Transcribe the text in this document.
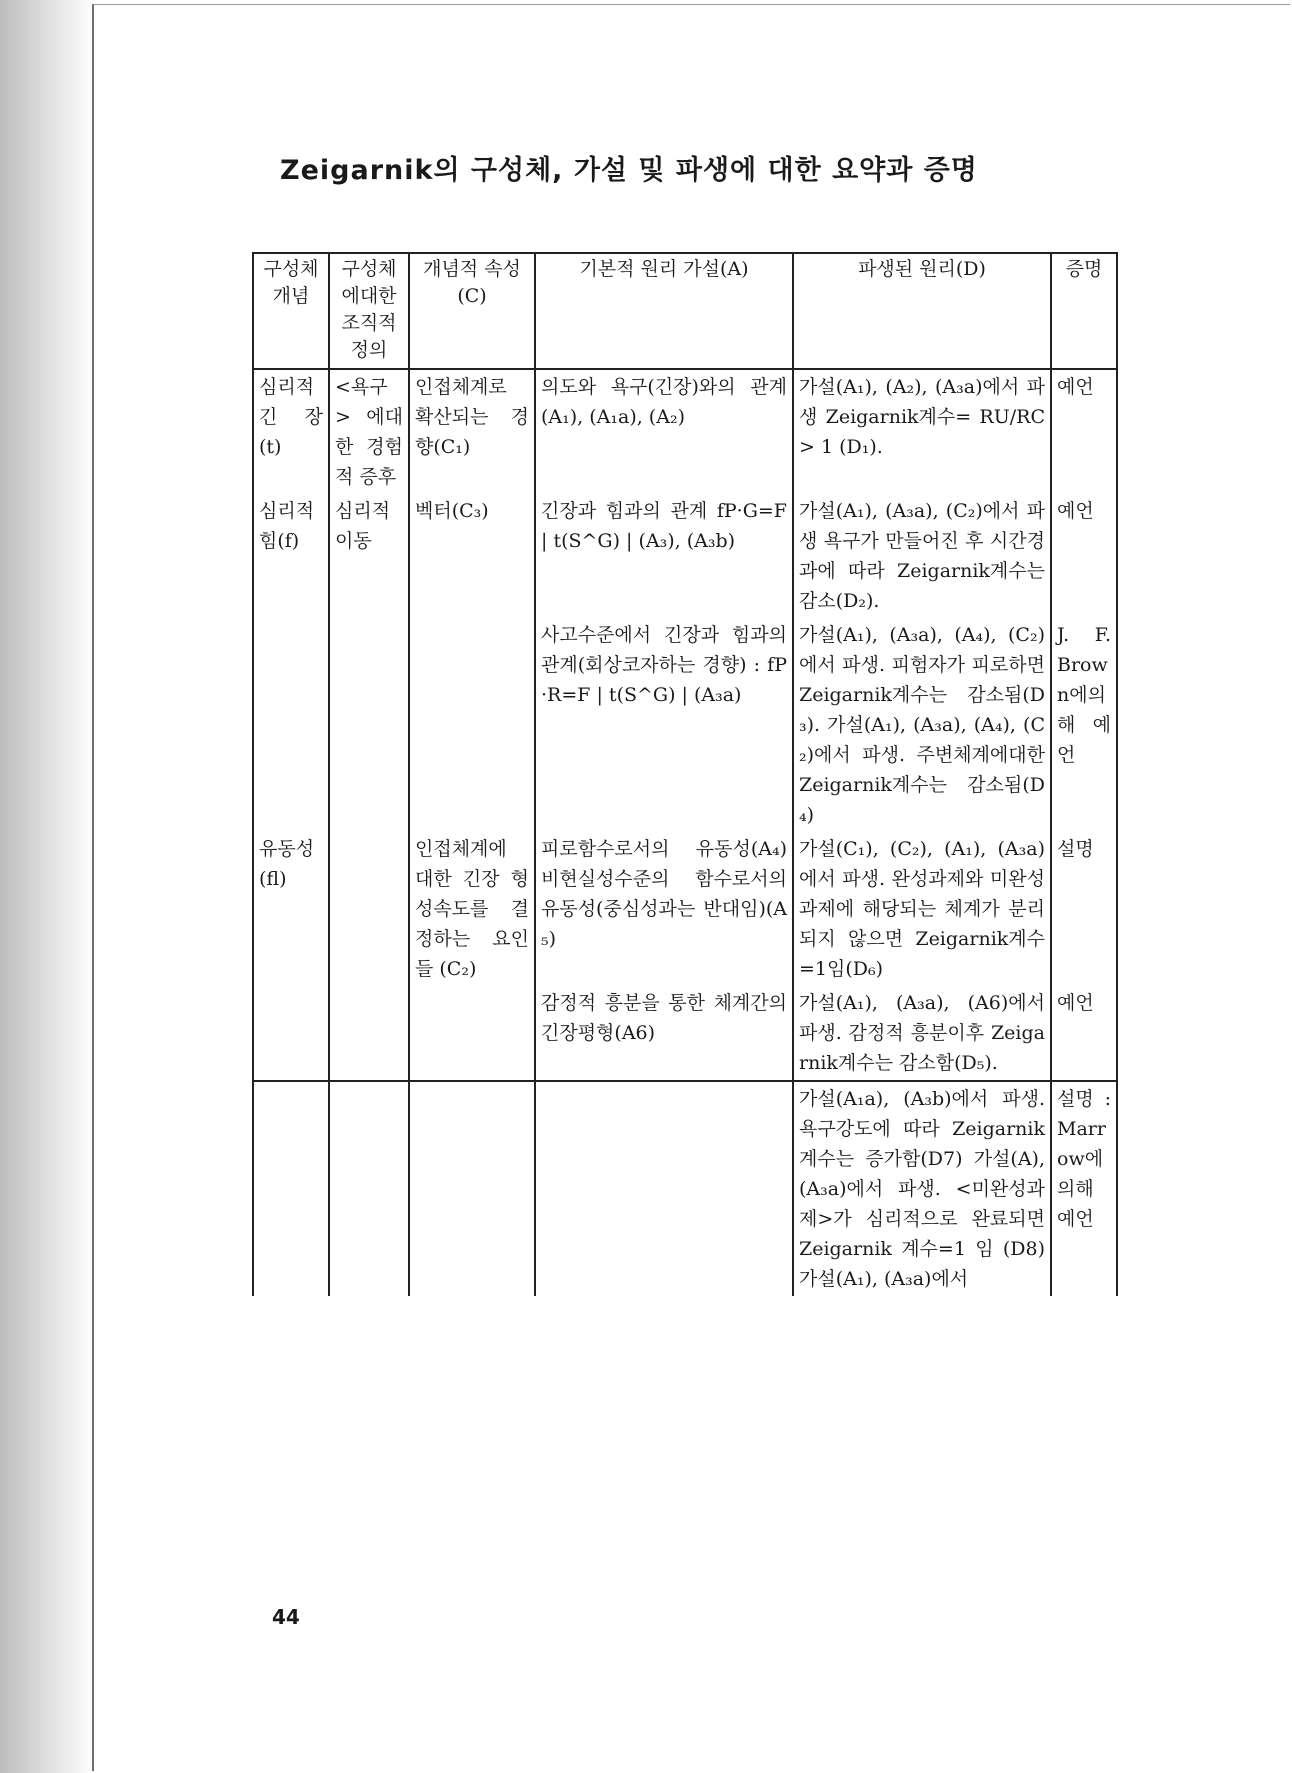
Zeigarnik의 구성체, 가설 및 파생에 대한 요약과 증명
구성체 개념	구성체 에대한 조직적 정의	개념적 속성(C)	기본적 원리 가설(A)	파생된 원리(D)	증명
심리적 긴 장 (t)	<욕구> 에대한 경험적 증후	인접체계로 확산되는 경향(C₁)	의도와 욕구(긴장)와의 관계(A₁), (A₁a), (A₂)	가설(A₁), (A₂), (A₃a)에서 파생 Zeigarnik계수= RU/RC > 1 (D₁).	예언
심리적 힘(f)	심리적 이동	벡터(C₃)	긴장과 힘과의 관계 fP·G=F | t(S^G) | (A₃), (A₃b)	가설(A₁), (A₃a), (C₂)에서 파생 욕구가 만들어진 후 시간경과에 따라 Zeigarnik계수는 감소(D₂).	예언
			사고수준에서 긴장과 힘과의 관계(회상코자하는 경향) : fP·R=F | t(S^G) | (A₃a)	가설(A₁), (A₃a), (A₄), (C₂)에서 파생. 피험자가 피로하면 Zeigarnik계수는 감소됨(D₃). 가설(A₁), (A₃a), (A₄), (C₂)에서 파생. 주변체계에대한Zeigarnik계수는 감소됨(D₄)	J. F. Brown에의해 예언
유동성 (fl)		인접체계에 대한 긴장 형성속도를 결정하는 요인들 (C₂)	피로함수로서의 유동성(A₄) 비현실성수준의 함수로서의 유동성(중심성과는 반대임)(A₅)	가설(C₁), (C₂), (A₁), (A₃a)에서 파생. 완성과제와 미완성과제에 해당되는 체계가 분리되지 않으면 Zeigarnik계수=1임(D₆)	설명
			감정적 흥분을 통한 체계간의 긴장평형(A6)	가설(A₁), (A₃a), (A6)에서 파생. 감정적 흥분이후 Zeigarnik계수는 감소함(D₅).	예언
				가설(A₁a), (A₃b)에서 파생. 욕구강도에 따라 Zeigarnik계수는 증가함(D7) 가설(A), (A₃a)에서 파생. <미완성과제>가 심리적으로 완료되면 Zeigarnik 계수=1 임 (D8) 가설(A₁), (A₃a)에서	설명 : Marrow에 의해 예언
44
